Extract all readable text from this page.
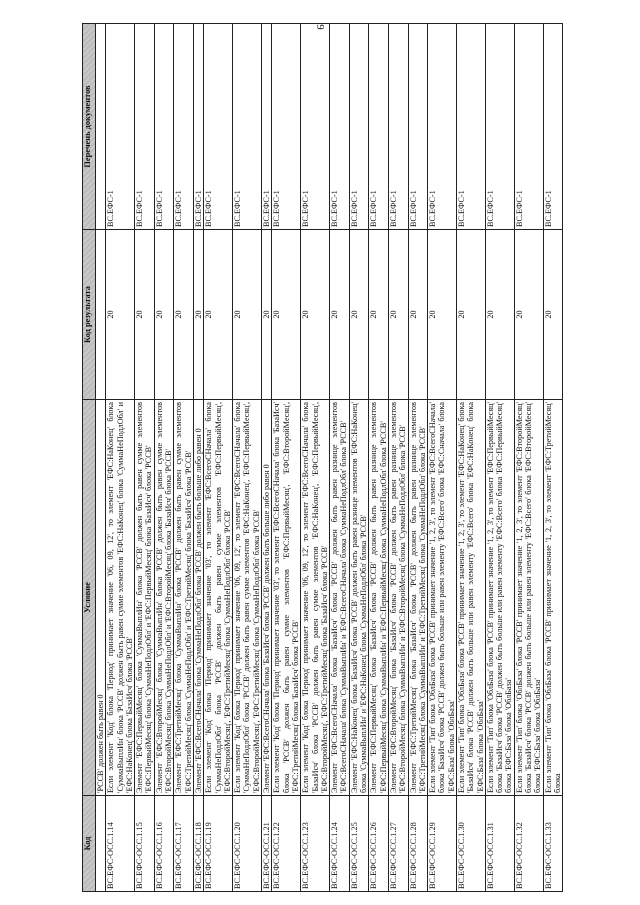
9
Код	Условие	Код результата	Перечень документов
	'РССВ' должен быть равен 0		
ВС.ЕФС-ОСС.1.14	Если элемент 'Код' блока 'Период' принимает значение '06, 09, 12', то элемент 'ЕФС:НаКонец' блока 'СуммаВыплИн' блока 'РССВ' должен быть равен сумме элементов 'ЕФС:НаКонец' блока 'СуммаНеПодлОбл' и 'ЕФС:НаКонец' блока 'БазаИсч' блока 'РССВ'	20	ВС.ЕФС-1
ВС.ЕФС-ОСС.1.15	Элемент 'ЕФС:ПервыйМесяц' блока 'СуммаВыплИн' блока 'РССВ' должен быть равен сумме элементов 'ЕФС:ПервыйМесяц' блока 'СуммаНеПодлОбл' и 'ЕФС:ПервыйМесяц' блока 'БазаИсч' блока 'РССВ'	20	ВС.ЕФС-1
ВС.ЕФС-ОСС.1.16	Элемент 'ЕФС:ВторойМесяц' блока 'СуммаВыплИн' блока 'РССВ' должен быть равен сумме элементов 'ЕФС:ВторойМесяц' блока 'СуммаНеПодлОбл' и 'ЕФС:ВторойМесяц' блока 'БазаИсч' блока 'РССВ'	20	ВС.ЕФС-1
ВС.ЕФС-ОСС.1.17	Элемент 'ЕФС:ТретийМесяц' блока 'СуммаВыплИн' блока 'РССВ' должен быть равен сумме элементов 'ЕФС:ТретийМесяц' блока 'СуммаНеПодлОбл' и 'ЕФС:ТретийМесяц' блока 'БазаИсч' блока 'РССВ'	20	ВС.ЕФС-1
ВС.ЕФС-ОСС.1.18	Элемент 'ЕФС:ВсегоСНачала' блока 'СуммаНеПодлОбл' блока 'РССВ' должен быть больше либо равен 0	20	ВС.ЕФС-1
ВС.ЕФС-ОСС.1.19	Если элемент 'Код' блока 'Период' принимает значение '03', то элемент 'ЕФС:ВсегоСНачала' блока 'СуммаНеПодлОбл' блока 'РССВ' должен быть равен сумме элементов 'ЕФС:ПервыйМесяц', 'ЕФС:ВторойМесяц', 'ЕФС:ТретийМесяц' блока 'СуммаНеПодлОбл' блока 'РССВ'	20	ВС.ЕФС-1
ВС.ЕФС-ОСС.1.20	Если элемент 'Код' блока 'Период' принимает значение '06, 09, 12', то элемент 'ЕФС:ВсегоСНачала' блока 'СуммаНеПодлОбл' блока 'РССВ' должен быть равен сумме элементов 'ЕФС:НаКонец', 'ЕФС:ПервыйМесяц', 'ЕФС:ВторойМесяц', 'ЕФС:ТретийМесяц' блока 'СуммаНеПодлОбл' блока 'РССВ'	20	ВС.ЕФС-1
ВС.ЕФС-ОСС.1.21	Элемент 'ЕФС:ВсегоСНачала' блока 'БазаИсч' блока 'РССВ' должен быть больше либо равен 0	20	ВС.ЕФС-1
ВС.ЕФС-ОСС.1.22	Если элемент 'Код' блока 'Период' принимает значение '03', то элемент 'ЕФС:ВсегоСНачала' блока 'БазаИсч' блока 'РССВ' должен быть равен сумме элементов 'ЕФС:ПервыйМесяц', 'ЕФС:ВторойМесяц', 'ЕФС:ТретийМесяц' блока 'БазаИсч' блока 'РССВ'	20	ВС.ЕФС-1
ВС.ЕФС-ОСС.1.23	Если элемент 'Код' блока 'Период' принимает значение '06, 09, 12', то элемент 'ЕФС:ВсегоСНачала' блока 'БазаИсч' блока 'РССВ' должен быть равен сумме элементов 'ЕФС:НаКонец', 'ЕФС:ПервыйМесяц', 'ЕФС:ВторойМесяц', 'ЕФС:ТретийМесяц' блока 'БазаИсч' блока 'РССВ'	20	ВС.ЕФС-1
ВС.ЕФС-ОСС.1.24	Элемент 'ЕФС:ВсегоСНачала' блока 'БазаИсч' блока 'РССВ' должен быть равен разнице элементов 'ЕФС:ВсегоСНачала' блока 'СуммаВыплИн' и 'ЕФС:ВсегоСНачала' блока 'СуммаНеПодлОбл' блока 'РССВ'	20	ВС.ЕФС-1
ВС.ЕФС-ОСС.1.25	Элемент 'ЕФС:НаКонец' блока 'БазаИсч' блока 'РССВ' должен быть равен разнице элементов 'ЕФС:НаКонец' блока 'СуммаВыплИн' и 'ЕФС:НаКонец' блока 'СуммаНеПодлОбл' блока 'РССВ'	20	ВС.ЕФС-1
ВС.ЕФС-ОСС.1.26	Элемент 'ЕФС:ПервыйМесяц' блока 'БазаИсч' блока 'РССВ' должен быть равен разнице элементов 'ЕФС:ПервыйМесяц' блока 'СуммаВыплИн' и 'ЕФС:ПервыйМесяц' блока 'СуммаНеПодлОбл' блока 'РССВ'	20	ВС.ЕФС-1
ВС.ЕФС-ОСС.1.27	Элемент 'ЕФС:ВторойМесяц' блока 'БазаИсч' блока 'РССВ' должен быть равен разнице элементов 'ЕФС:ВторойМесяц' блока 'СуммаВыплИн' и 'ЕФС:ВторойМесяц' блока 'СуммаНеПодлОбл' блока 'РССВ'	20	ВС.ЕФС-1
ВС.ЕФС-ОСС.1.28	Элемент 'ЕФС:ТретийМесяц' блока 'БазаИсч' блока 'РССВ' должен быть равен разнице элементов 'ЕФС:ТретийМесяц' блока 'СуммаВыплИн' и 'ЕФС:ТретийМесяц' блока 'СуммаНеПодлОбл' блока 'РССВ'	20	ВС.ЕФС-1
ВС.ЕФС-ОСС.1.29	Если элемент 'Тип' блока 'ОблБаза' блока 'РССВ' принимает значение '1, 2, 3', то элемент 'ЕФС:ВсегоСНачала' блока 'БазаИсч' блока 'РССВ' должен быть больше или равен элементу 'ЕФС:Всего' блока 'ЕФС:Сначала' блока 'ЕФС:База' блока 'ОблБаза'	20	ВС.ЕФС-1
ВС.ЕФС-ОСС.1.30	Если элемент 'Тип' блока 'ОблБаза' блока 'РССВ' принимает значение '1, 2, 3', то элемент 'ЕФС:НаКонец' блока 'БазаИсч' блока 'РССВ' должен быть больше или равен элементу 'ЕФС:Всего' блока 'ЕФС:НаКонец' блока 'ЕФС:База' блока 'ОблБаза'	20	ВС.ЕФС-1
ВС.ЕФС-ОСС.1.31	Если элемент 'Тип' блока 'ОблБаза' блока 'РССВ' принимает значение '1, 2, 3', то элемент 'ЕФС:ПервыйМесяц' блока 'БазаИсч' блока 'РССВ' должен быть больше или равен элементу 'ЕФС:Всего' блока 'ЕФС:ПервыйМесяц' блока 'ЕФС:База' блока 'ОблБаза'	20	ВС.ЕФС-1
ВС.ЕФС-ОСС.1.32	Если элемент 'Тип' блока 'ОблБаза' блока 'РССВ' принимает значение '1, 2, 3', то элемент 'ЕФС:ВторойМесяц' блока 'БазаИсч' блока 'РССВ' должен быть больше или равен элементу 'ЕФС:Всего' блока 'ЕФС:ВторойМесяц' блока 'ЕФС:База' блока 'ОблБаза'	20	ВС.ЕФС-1
ВС.ЕФС-ОСС.1.33	Если элемент 'Тип' блока 'ОблБаза' блока 'РССВ' принимает значение '1, 2, 3', то элемент 'ЕФС:ТретийМесяц' блока	20	ВС.ЕФС-1
